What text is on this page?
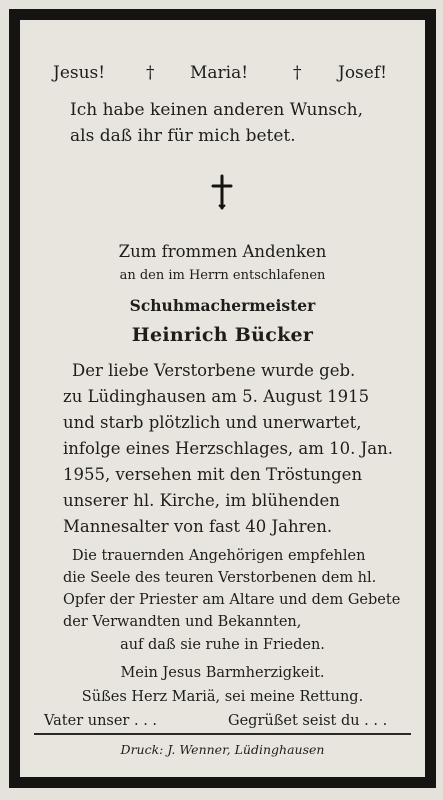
Jesus! † Maria!	† Josef!
Ich habe keinen anderen Wunsch,
als daß ihr für mich betet.
Zum frommen Andenken
an den im Herrn entschlafenen
Schuhmachermeister
Heinrich Bücker
Der liebe Verstorbene wurde geb.
zu Lüdinghausen am 5. August 1915
und starb plötzlich und unerwartet,
infolge eines Herzschlages, am 10. Jan.
1955, versehen mit den Tröstungen
unserer hl. Kirche, im blühenden
Mannesalter von fast 40 Jahren.
Die trauernden Angehörigen empfehlen
die Seele des teuren Verstorbenen dem hl.
Opfer der Priester am Altare und dem Gebete
der Verwandten und Bekannten,
auf daß sie ruhe in Frieden.
Mein Jesus Barmherzigkeit.
Süßes Herz Mariä, sei meine Rettung.
Vater unser . . .	Gegrüßet seist du . . .
Druck: J. Wenner, Lüdinghausen
